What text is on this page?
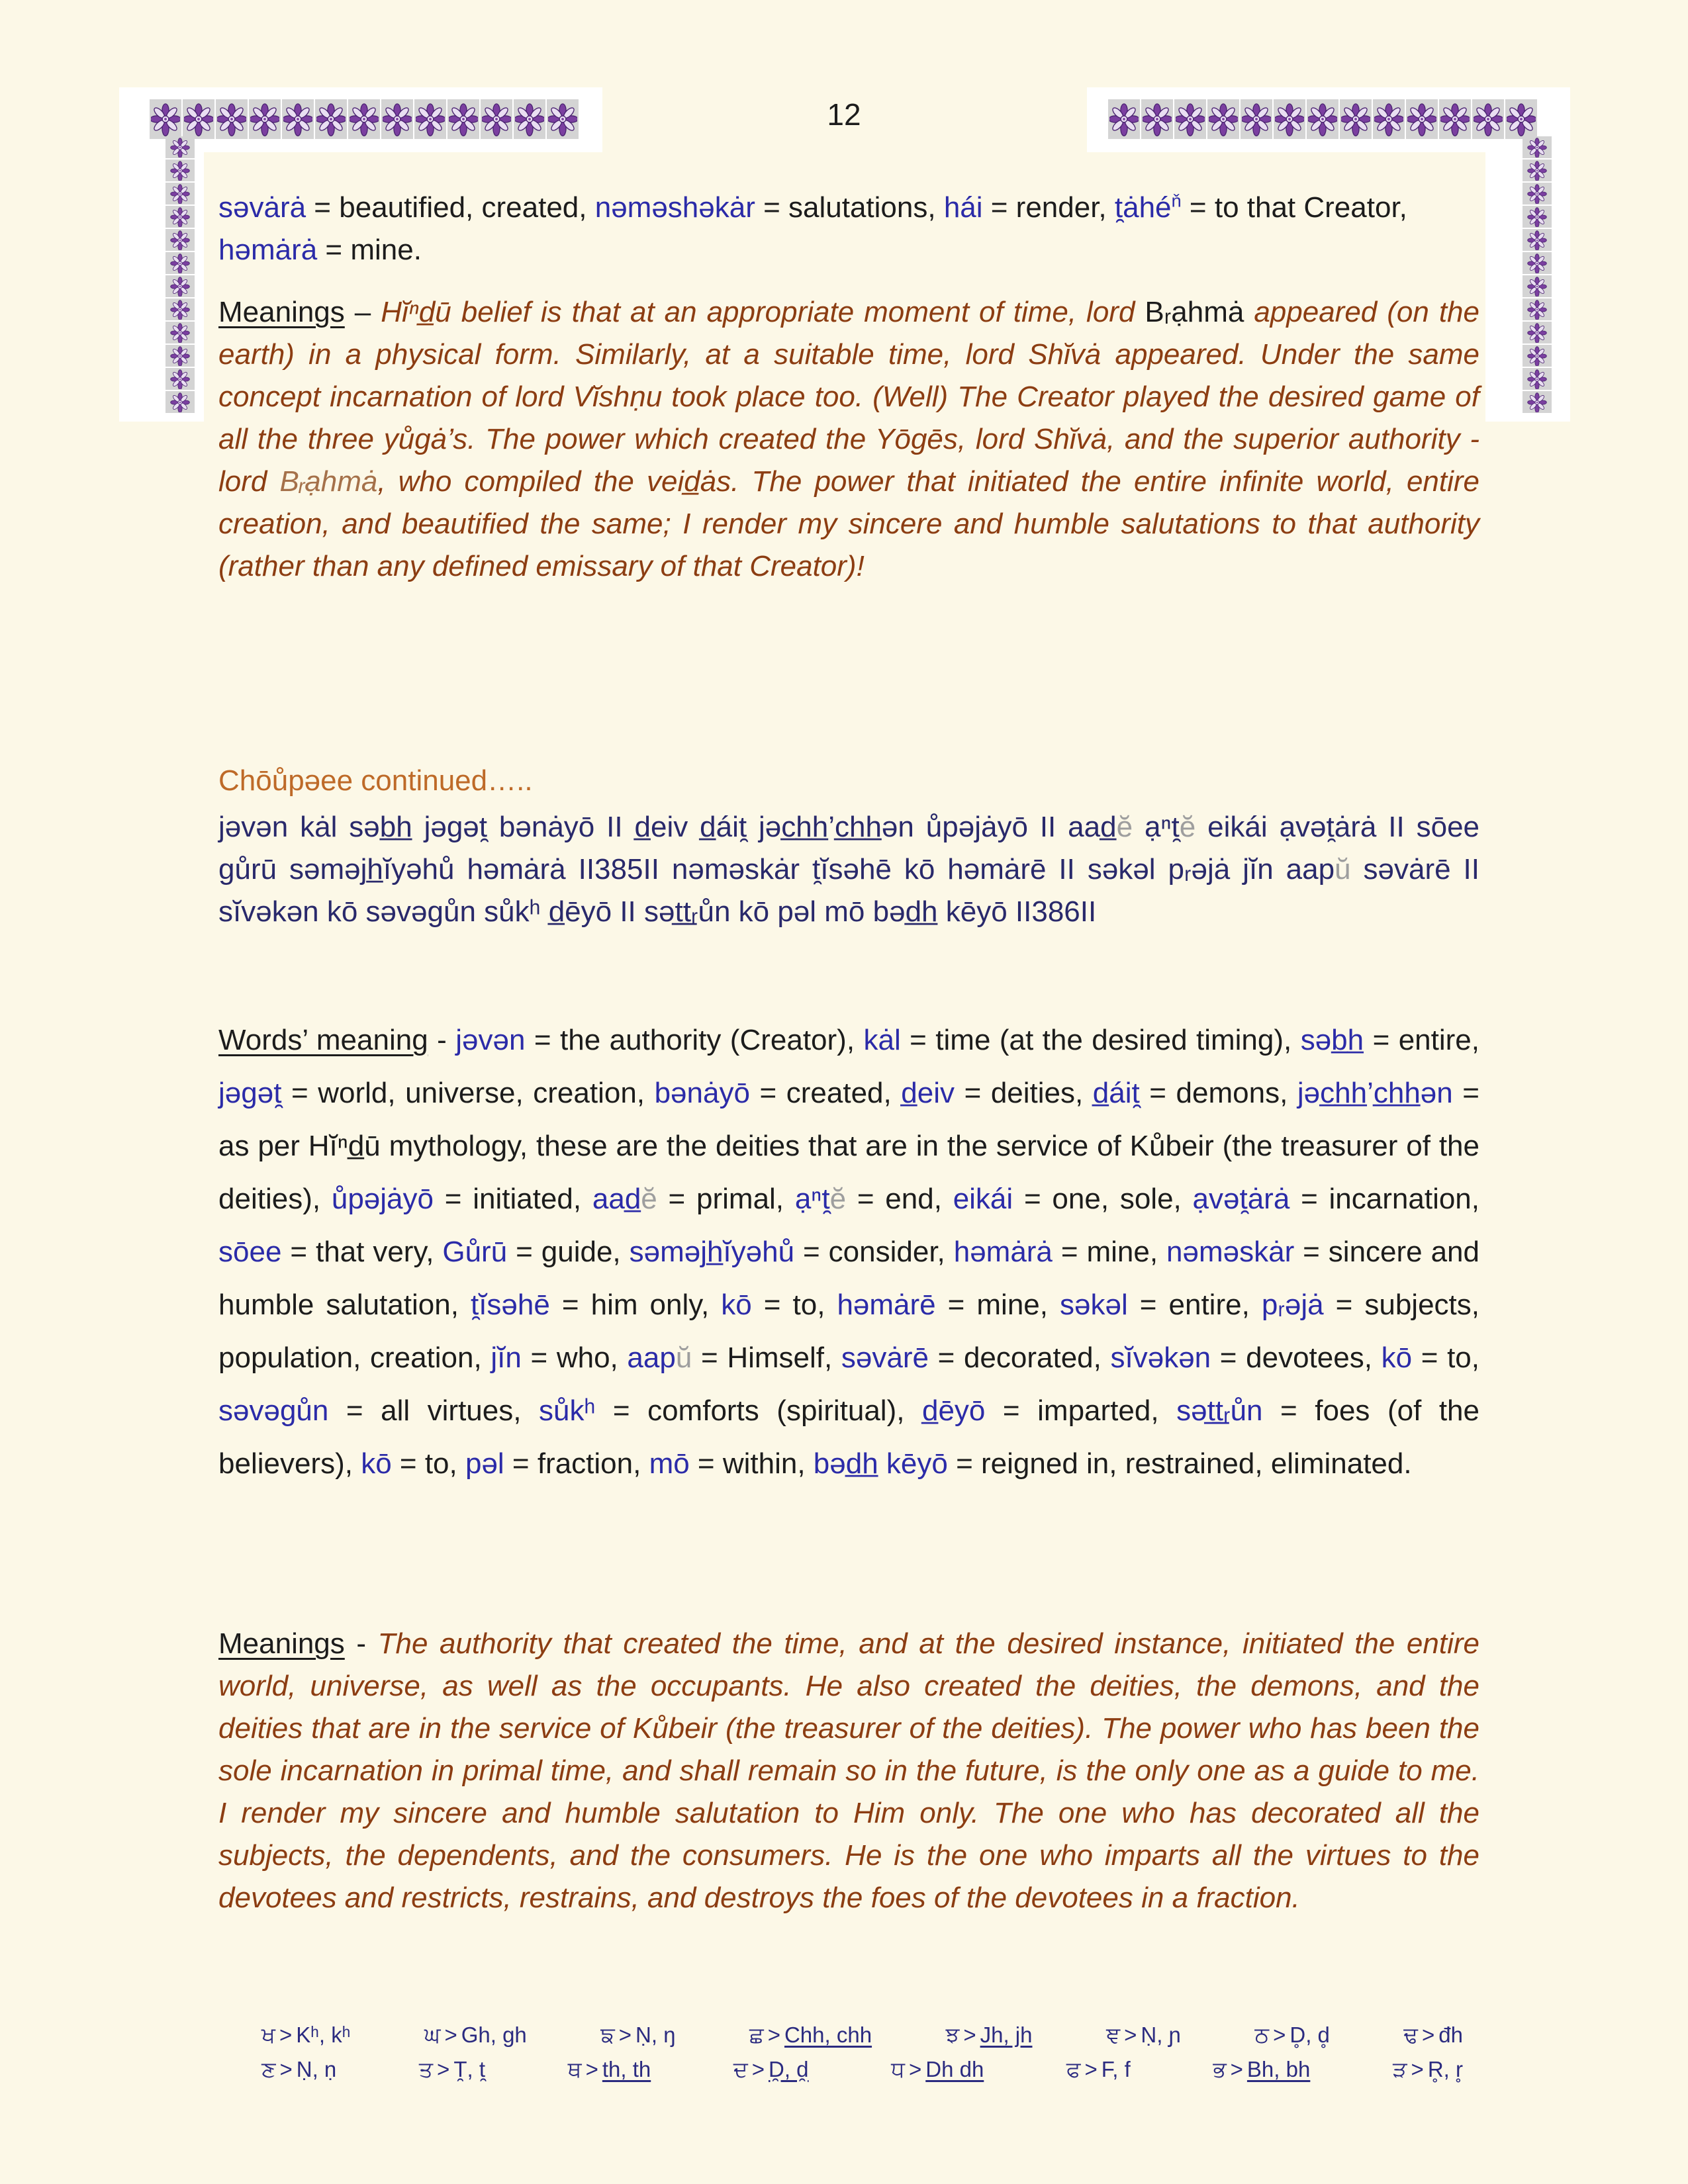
12
səvȧrȧ = beautified, created, nəməshəkȧr = salutations, hái = render, t̯ȧhé$^ň$ = to that Creator, həmȧrȧ = mine.
Meanings – Hĭⁿd̲ū belief is that at an appropriate moment of time, lord Bᵣạhmȧ appeared (on the earth) in a physical form. Similarly, at a suitable time, lord Shĭvȧ appeared. Under the same concept incarnation of lord Vĭshṇu took place too. (Well) The Creator played the desired game of all the three yůgȧ’s. The power which created the Yōgēs, lord Shĭvȧ, and the superior authority - lord Bᵣạhmȧ, who compiled the veid̲ȧs. The power that initiated the entire infinite world, entire creation, and beautified the same; I render my sincere and humble salutations to that authority (rather than any defined emissary of that Creator)!
Chōůpəee continued…..
jəvən kȧl səb̲h̲ jəgət̯ bənȧyō II d̲eiv d̲áit̯ jəc̲h̲h̲’c̲h̲h̲ən ůpəjȧyō II aad̲ĕ ạⁿt̯ĕ eikái ạvət̯ȧrȧ II sōee gůrū səməjh̲ĭyəhů həmȧrȧ II385II nəməskȧr t̯ĭsəhē kō həmȧrē II səkəl pᵣəjȧ jĭn aapŭ səvȧrē II sĭvəkən kō səvəgůn sůkʰ d̲ēyō II sət̲t̲ᵣůn kō pəl mō bəd̲h̲ kēyō II386II
Words’ meaning - jəvən = the authority (Creator), kȧl = time (at the desired timing), səb̲h̲ = entire, jəgət̯ = world, universe, creation, bənȧyō = created, d̲eiv = deities, d̲áit̯ = demons, jəc̲h̲h̲’c̲h̲h̲ən = as per Hĭⁿd̲ū mythology, these are the deities that are in the service of Kůbeir (the treasurer of the deities), ůpəjȧyō = initiated, aad̲ĕ = primal, ạⁿt̯ĕ = end, eikái = one, sole, ạvət̯ȧrȧ = incarnation, sōee = that very, Gůrū = guide, səməjh̲ĭyəhů = consider, həmȧrȧ = mine, nəməskȧr = sincere and humble salutation, t̯ĭsəhē = him only, kō = to, həmȧrē = mine, səkəl = entire, pᵣəjȧ = subjects, population, creation, jĭn = who, aapŭ = Himself, səvȧrē = decorated, sĭvəkən = devotees, kō = to, səvəgůn = all virtues, sůkʰ = comforts (spiritual), d̲ēyō = imparted, sət̲t̲ᵣůn = foes (of the believers), kō = to, pəl = fraction, mō = within, bəd̲h̲ kēyō = reigned in, restrained, eliminated.
Meanings - The authority that created the time, and at the desired instance, initiated the entire world, universe, as well as the occupants. He also created the deities, the demons, and the deities that are in the service of Kůbeir (the treasurer of the deities). The power who has been the sole incarnation in primal time, and shall remain so in the future, is the only one as a guide to me. I render my sincere and humble salutation to Him only. The one who has decorated all the subjects, the dependents, and the consumers. He is the one who imparts all the virtues to the devotees and restricts, restrains, and destroys the foes of the devotees in a fraction.
ਖ > Kʰ, kʰ	ਘ > Gh, gh	ਙ > Ṇ, ŋ	ਛ > Chh, chh	ਝ > Jh, jh	ਞ > Ṇ, ɲ	ਠ > D̥, d̥	ਢ > đh
ਣ > Ṇ, ṇ	ਤ > T̯, t̯	ਥ > th, th	ਦ > D̯, d̯	ਧ > Dh dh	ਫ > F, f	ਭ > Bh, bh	ੜ > R̥, r̥
